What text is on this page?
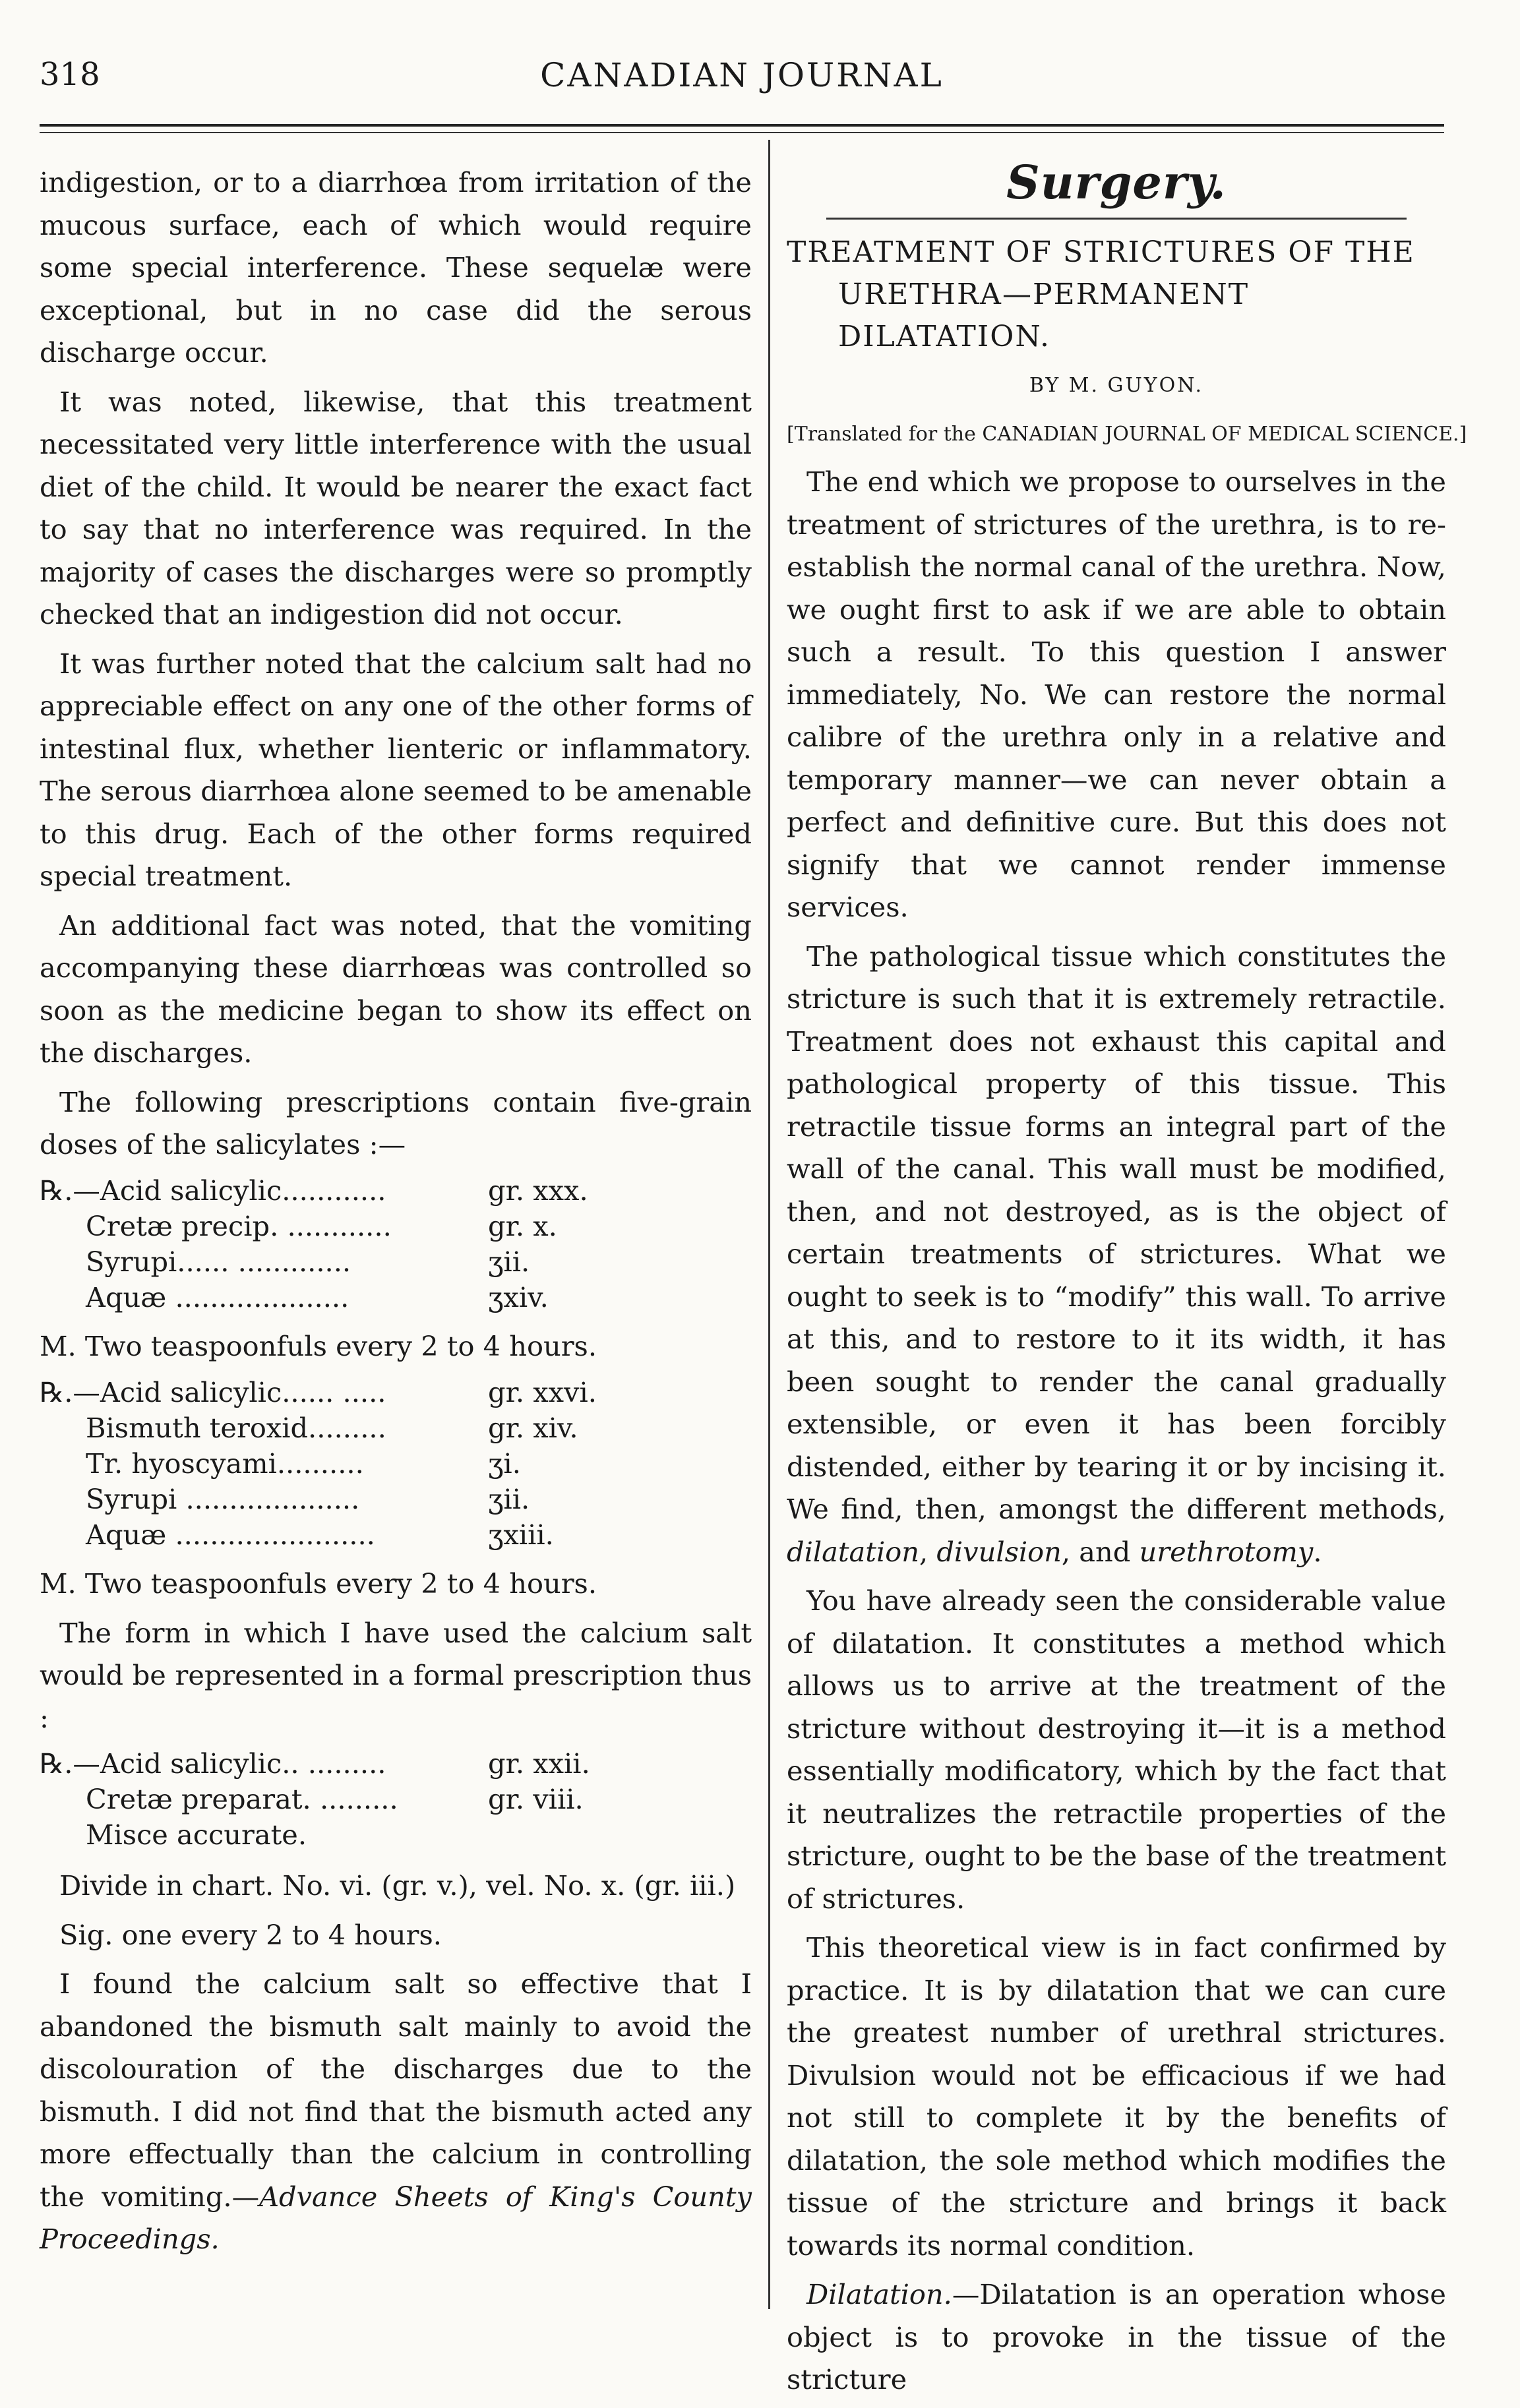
318	CANADIAN JOURNAL

indigestion, or to a diarrhœa from irritation of the mucous surface, each of which would require some special interference. These sequelæ were exceptional, but in no case did the serous discharge occur.

It was noted, likewise, that this treatment necessitated very little interference with the usual diet of the child. It would be nearer the exact fact to say that no interference was required. In the majority of cases the discharges were so promptly checked that an indigestion did not occur.

It was further noted that the calcium salt had no appreciable effect on any one of the other forms of intestinal flux, whether lienteric or inflammatory. The serous diarrhœa alone seemed to be amenable to this drug. Each of the other forms required special treatment.

An additional fact was noted, that the vomiting accompanying these diarrhœas was controlled so soon as the medicine began to show its effect on the discharges.

The following prescriptions contain five-grain doses of the salicylates :—

℞.—Acid salicylic............	gr. xxx.
Cretæ precip. ............	gr. x.
Syrupi...... .............	ʒii.
Aquæ ....................	ʒxiv.

M. Two teaspoonfuls every 2 to 4 hours.

℞.—Acid salicylic...... .....	gr. xxvi.
Bismuth teroxid.........	gr. xiv.
Tr. hyoscyami..........	ʒi.
Syrupi ....................	ʒii.
Aquæ .......................	ʒxiii.

M. Two teaspoonfuls every 2 to 4 hours.

The form in which I have used the calcium salt would be represented in a formal prescription thus :

℞.—Acid salicylic.. .........	gr. xxii.
Cretæ preparat. .........	gr. viii.
Misce accurate.

Divide in chart. No. vi. (gr. v.), vel. No. x. (gr. iii.)

Sig. one every 2 to 4 hours.

I found the calcium salt so effective that I abandoned the bismuth salt mainly to avoid the discolouration of the discharges due to the bismuth. I did not find that the bismuth acted any more effectually than the calcium in controlling the vomiting.—Advance Sheets of King's County Proceedings.

Surgery.

TREATMENT OF STRICTURES OF THE URETHRA—PERMANENT DILATATION.

BY M. GUYON.
[Translated for the CANADIAN JOURNAL OF MEDICAL SCIENCE.]

The end which we propose to ourselves in the treatment of strictures of the urethra, is to re-establish the normal canal of the urethra. Now, we ought first to ask if we are able to obtain such a result. To this question I answer immediately, No. We can restore the normal calibre of the urethra only in a relative and temporary manner—we can never obtain a perfect and definitive cure. But this does not signify that we cannot render immense services.

The pathological tissue which constitutes the stricture is such that it is extremely retractile. Treatment does not exhaust this capital and pathological property of this tissue. This retractile tissue forms an integral part of the wall of the canal. This wall must be modified, then, and not destroyed, as is the object of certain treatments of strictures. What we ought to seek is to “modify” this wall. To arrive at this, and to restore to it its width, it has been sought to render the canal gradually extensible, or even it has been forcibly distended, either by tearing it or by incising it. We find, then, amongst the different methods, dilatation, divulsion, and urethrotomy.

You have already seen the considerable value of dilatation. It constitutes a method which allows us to arrive at the treatment of the stricture without destroying it—it is a method essentially modificatory, which by the fact that it neutralizes the retractile properties of the stricture, ought to be the base of the treatment of strictures.

This theoretical view is in fact confirmed by practice. It is by dilatation that we can cure the greatest number of urethral strictures. Divulsion would not be efficacious if we had not still to complete it by the benefits of dilatation, the sole method which modifies the tissue of the stricture and brings it back towards its normal condition.

Dilatation.—Dilatation is an operation whose object is to provoke in the tissue of the stricture
